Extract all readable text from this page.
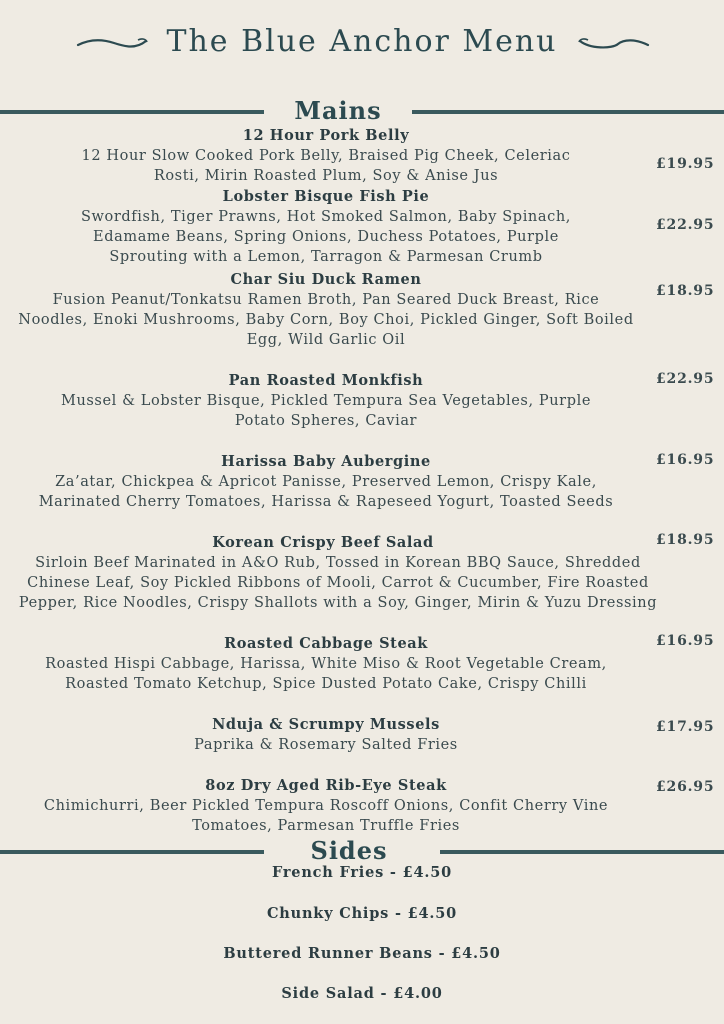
The Blue Anchor Menu
Mains
12 Hour Pork Belly
12 Hour Slow Cooked Pork Belly, Braised Pig Cheek, Celeriac Rosti, Mirin Roasted Plum, Soy & Anise Jus
£19.95
Lobster Bisque Fish Pie
Swordfish, Tiger Prawns, Hot Smoked Salmon, Baby Spinach, Edamame Beans, Spring Onions, Duchess Potatoes, Purple Sprouting with a Lemon, Tarragon & Parmesan Crumb
£22.95
Char Siu Duck Ramen
Fusion Peanut/Tonkatsu Ramen Broth, Pan Seared Duck Breast, Rice Noodles, Enoki Mushrooms, Baby Corn, Boy Choi, Pickled Ginger, Soft Boiled Egg, Wild Garlic Oil
£18.95
Pan Roasted Monkfish
Mussel & Lobster Bisque, Pickled Tempura Sea Vegetables, Purple Potato Spheres, Caviar
£22.95
Harissa Baby Aubergine
Za’atar, Chickpea & Apricot Panisse, Preserved Lemon, Crispy Kale, Marinated Cherry Tomatoes, Harissa & Rapeseed Yogurt, Toasted Seeds
£16.95
Korean Crispy Beef Salad
Sirloin Beef Marinated in A&O Rub, Tossed in Korean BBQ Sauce, Shredded Chinese Leaf, Soy Pickled Ribbons of Mooli, Carrot & Cucumber, Fire Roasted Pepper, Rice Noodles, Crispy Shallots with a Soy, Ginger, Mirin & Yuzu Dressing
£18.95
Roasted Cabbage Steak
Roasted Hispi Cabbage, Harissa, White Miso & Root Vegetable Cream, Roasted Tomato Ketchup, Spice Dusted Potato Cake, Crispy Chilli
£16.95
Nduja & Scrumpy Mussels
Paprika & Rosemary Salted Fries
£17.95
8oz Dry Aged Rib-Eye Steak
Chimichurri, Beer Pickled Tempura Roscoff Onions, Confit Cherry Vine Tomatoes, Parmesan Truffle Fries
£26.95
Sides
French Fries - £4.50
Chunky Chips - £4.50
Buttered Runner Beans - £4.50
Side Salad - £4.00
